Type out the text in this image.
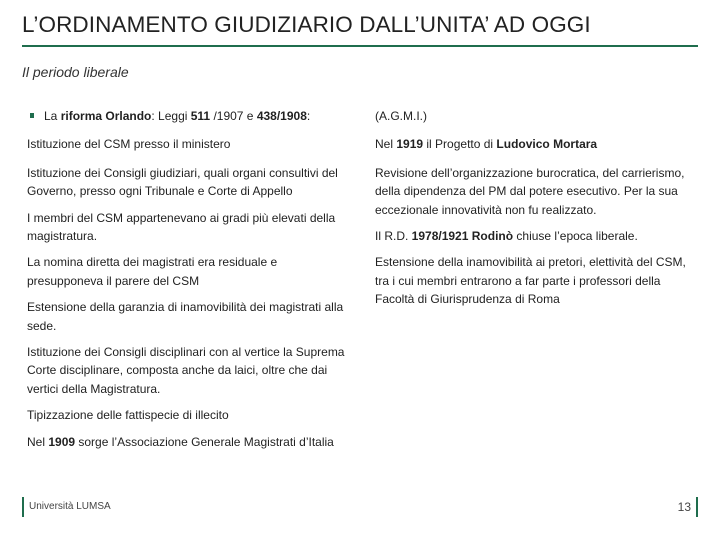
L’ORDINAMENTO GIUDIZIARIO DALL’UNITA’ AD OGGI
Il periodo liberale

La riforma Orlando: Leggi 511 /1907 e 438/1908:

Istituzione del CSM presso il ministero

Istituzione dei Consigli giudiziari, quali organi consultivi del Governo, presso ogni Tribunale e Corte di Appello

I membri del CSM appartenevano ai gradi più elevati della magistratura.

La nomina diretta dei magistrati era residuale e presupponeva il parere del CSM

Estensione della garanzia di inamovibilità dei magistrati alla sede.

Istituzione dei Consigli disciplinari con al vertice la Suprema Corte disciplinare, composta anche da laici, oltre che dai vertici della Magistratura.

Tipizzazione delle fattispecie di illecito

Nel 1909 sorge l’Associazione Generale Magistrati d’Italia

(A.G.M.I.)

Nel 1919 il Progetto di Ludovico Mortara

Revisione dell’organizzazione burocratica, del carrierismo, della dipendenza del PM dal potere esecutivo. Per la sua eccezionale innovatività non fu realizzato.

Il R.D. 1978/1921 Rodinò chiuse l’epoca liberale.

Estensione della inamovibilità ai pretori, elettività del CSM, tra i cui membri entrarono a far parte i professori della Facoltà di Giurisprudenza di Roma

Università LUMSA	13
